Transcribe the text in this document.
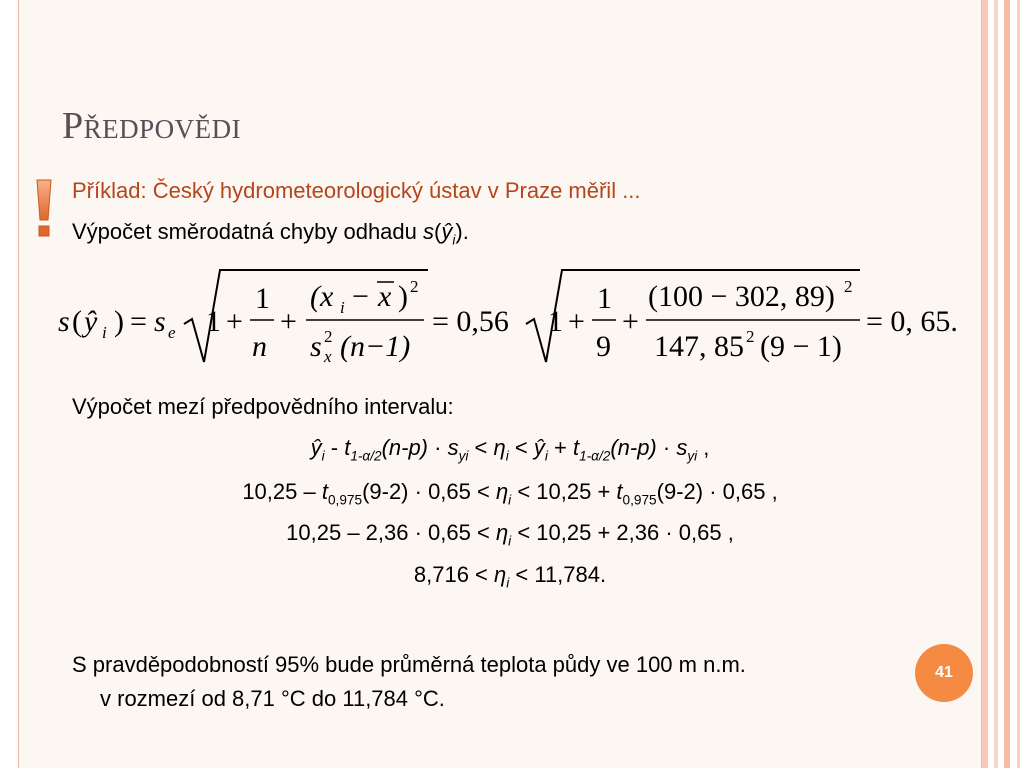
Předpovědi
Příklad: Český hydrometeorologický ústav v Praze měřil ...
Výpočet směrodatná chyby odhadu $s(ŷ_i)$.
s ( ŷ i ) = s e 1 +
1
n
+
(x i − x ) 2
s 2
x (n−1)
= 0,56 1 +
1
9
+
(100 − 302, 89) 2
147, 85 2 (9 − 1)
= 0, 65.
Výpočet mezí předpovědního intervalu:
$ŷ_i - t_{1-\alpha/2}(n-p) \cdot s_{yi} < \eta_i$ < $ŷ_i + t_{1-\alpha/2}(n-p) \cdot s_{yi}$ ,
$10,25 - t_{0,975}(9-2) \cdot 0,65 < \eta_i < 10,25 + t_{0,975}(9-2) \cdot 0,65$ ,
$10,25 - 2,36 \cdot 0,65 < \eta_i < 10,25 + 2,36 \cdot 0,65$ ,
$8,716 < \eta_i < 11,784$.
S pravděpodobností 95% bude průměrná teplota půdy ve 100 m n.m.
v rozmezí od 8,71 °C do 11,784 °C.
41
